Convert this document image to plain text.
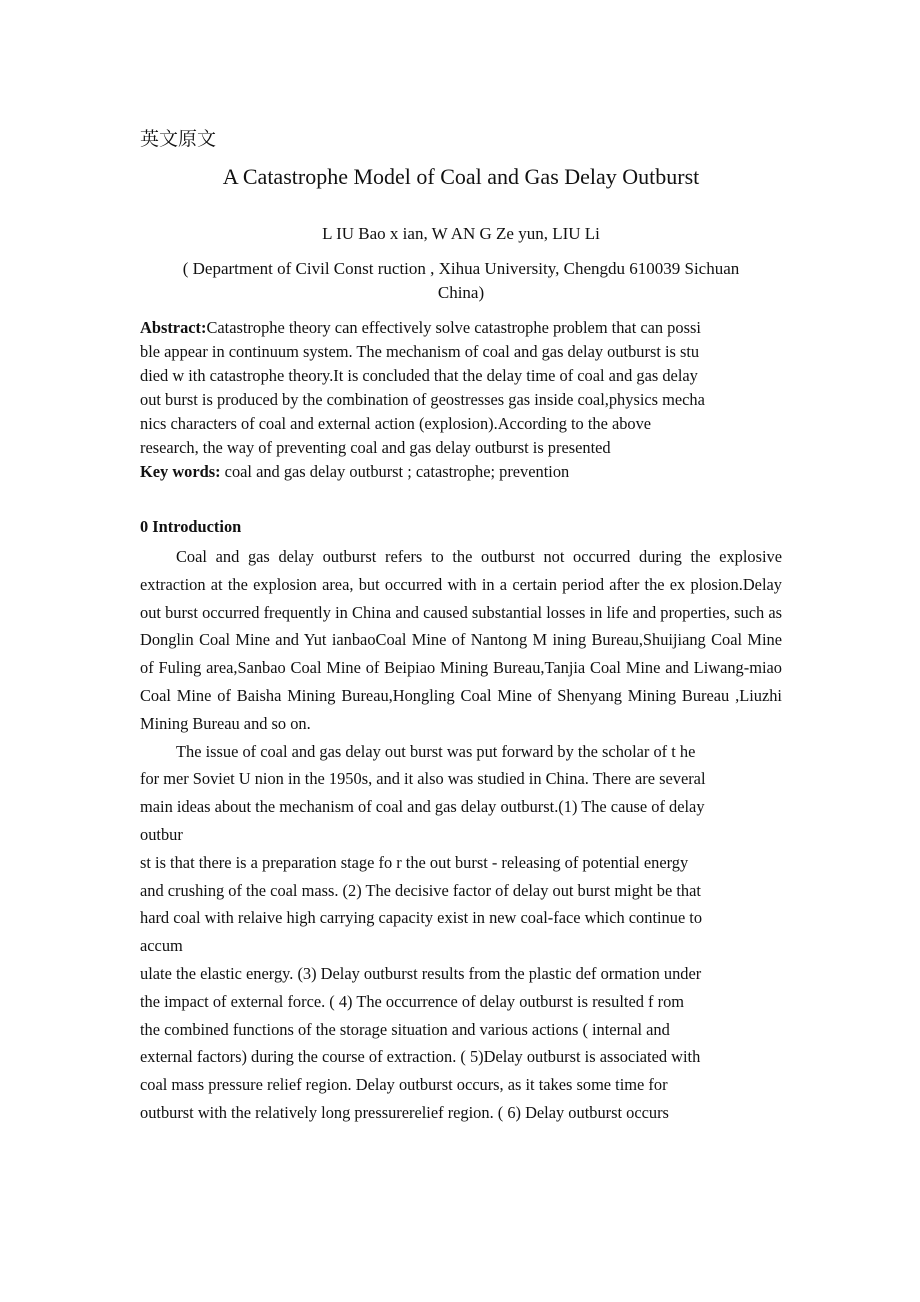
英文原文
A Catastrophe Model of Coal and Gas Delay Outburst
L IU Bao x ian, W AN G Ze yun, LIU Li
( Department of Civil Const ruction , Xihua University, Chengdu 610039 Sichuan
China)
Abstract:Catastrophe theory can effectively solve catastrophe problem that can possi
ble appear in continuum system. The mechanism of coal and gas delay outburst is stu
died w ith catastrophe theory.It is concluded that the delay time of coal and gas delay
out burst is produced by the combination of geostresses gas inside coal,physics mecha
nics characters of coal and external action (explosion).According to the above
research, the way of preventing coal and gas delay outburst is presented
Key words: coal and gas delay outburst ; catastrophe; prevention
0 Introduction

Coal and gas delay outburst refers to the outburst not occurred during the explosive extraction at the explosion area, but occurred with in a certain period after the ex plosion.Delay out burst occurred frequently in China and caused substantial losses in life and properties, such as Donglin Coal Mine and Yut ianbaoCoal Mine of Nantong M ining Bureau,Shuijiang Coal Mine of Fuling area,Sanbao Coal Mine of Beipiao Mining Bureau,Tanjia Coal Mine and Liwang-miao Coal Mine of Baisha Mining Bureau,Hongling Coal Mine of Shenyang Mining Bureau ,Liuzhi Mining Bureau and so on.

The issue of coal and gas delay out burst was put forward by the scholar of t he
for mer Soviet U nion in the 1950s, and it also was studied in China. There are several
main ideas about the mechanism of coal and gas delay outburst.(1) The cause of delay
outbur
st is that there is a preparation stage fo r the out burst - releasing of potential energy
and crushing of the coal mass. (2) The decisive factor of delay out burst might be that
hard coal with relaive high carrying capacity exist in new coal-face which continue to
accum
ulate the elastic energy. (3) Delay outburst results from the plastic def ormation under
the impact of external force. ( 4) The occurrence of delay outburst is resulted f rom
the combined functions of the storage situation and various actions ( internal and
external factors) during the course of extraction. ( 5)Delay outburst is associated with
coal mass pressure relief region. Delay outburst occurs, as it takes some time for
outburst with the relatively long pressurerelief region. ( 6) Delay outburst occurs
